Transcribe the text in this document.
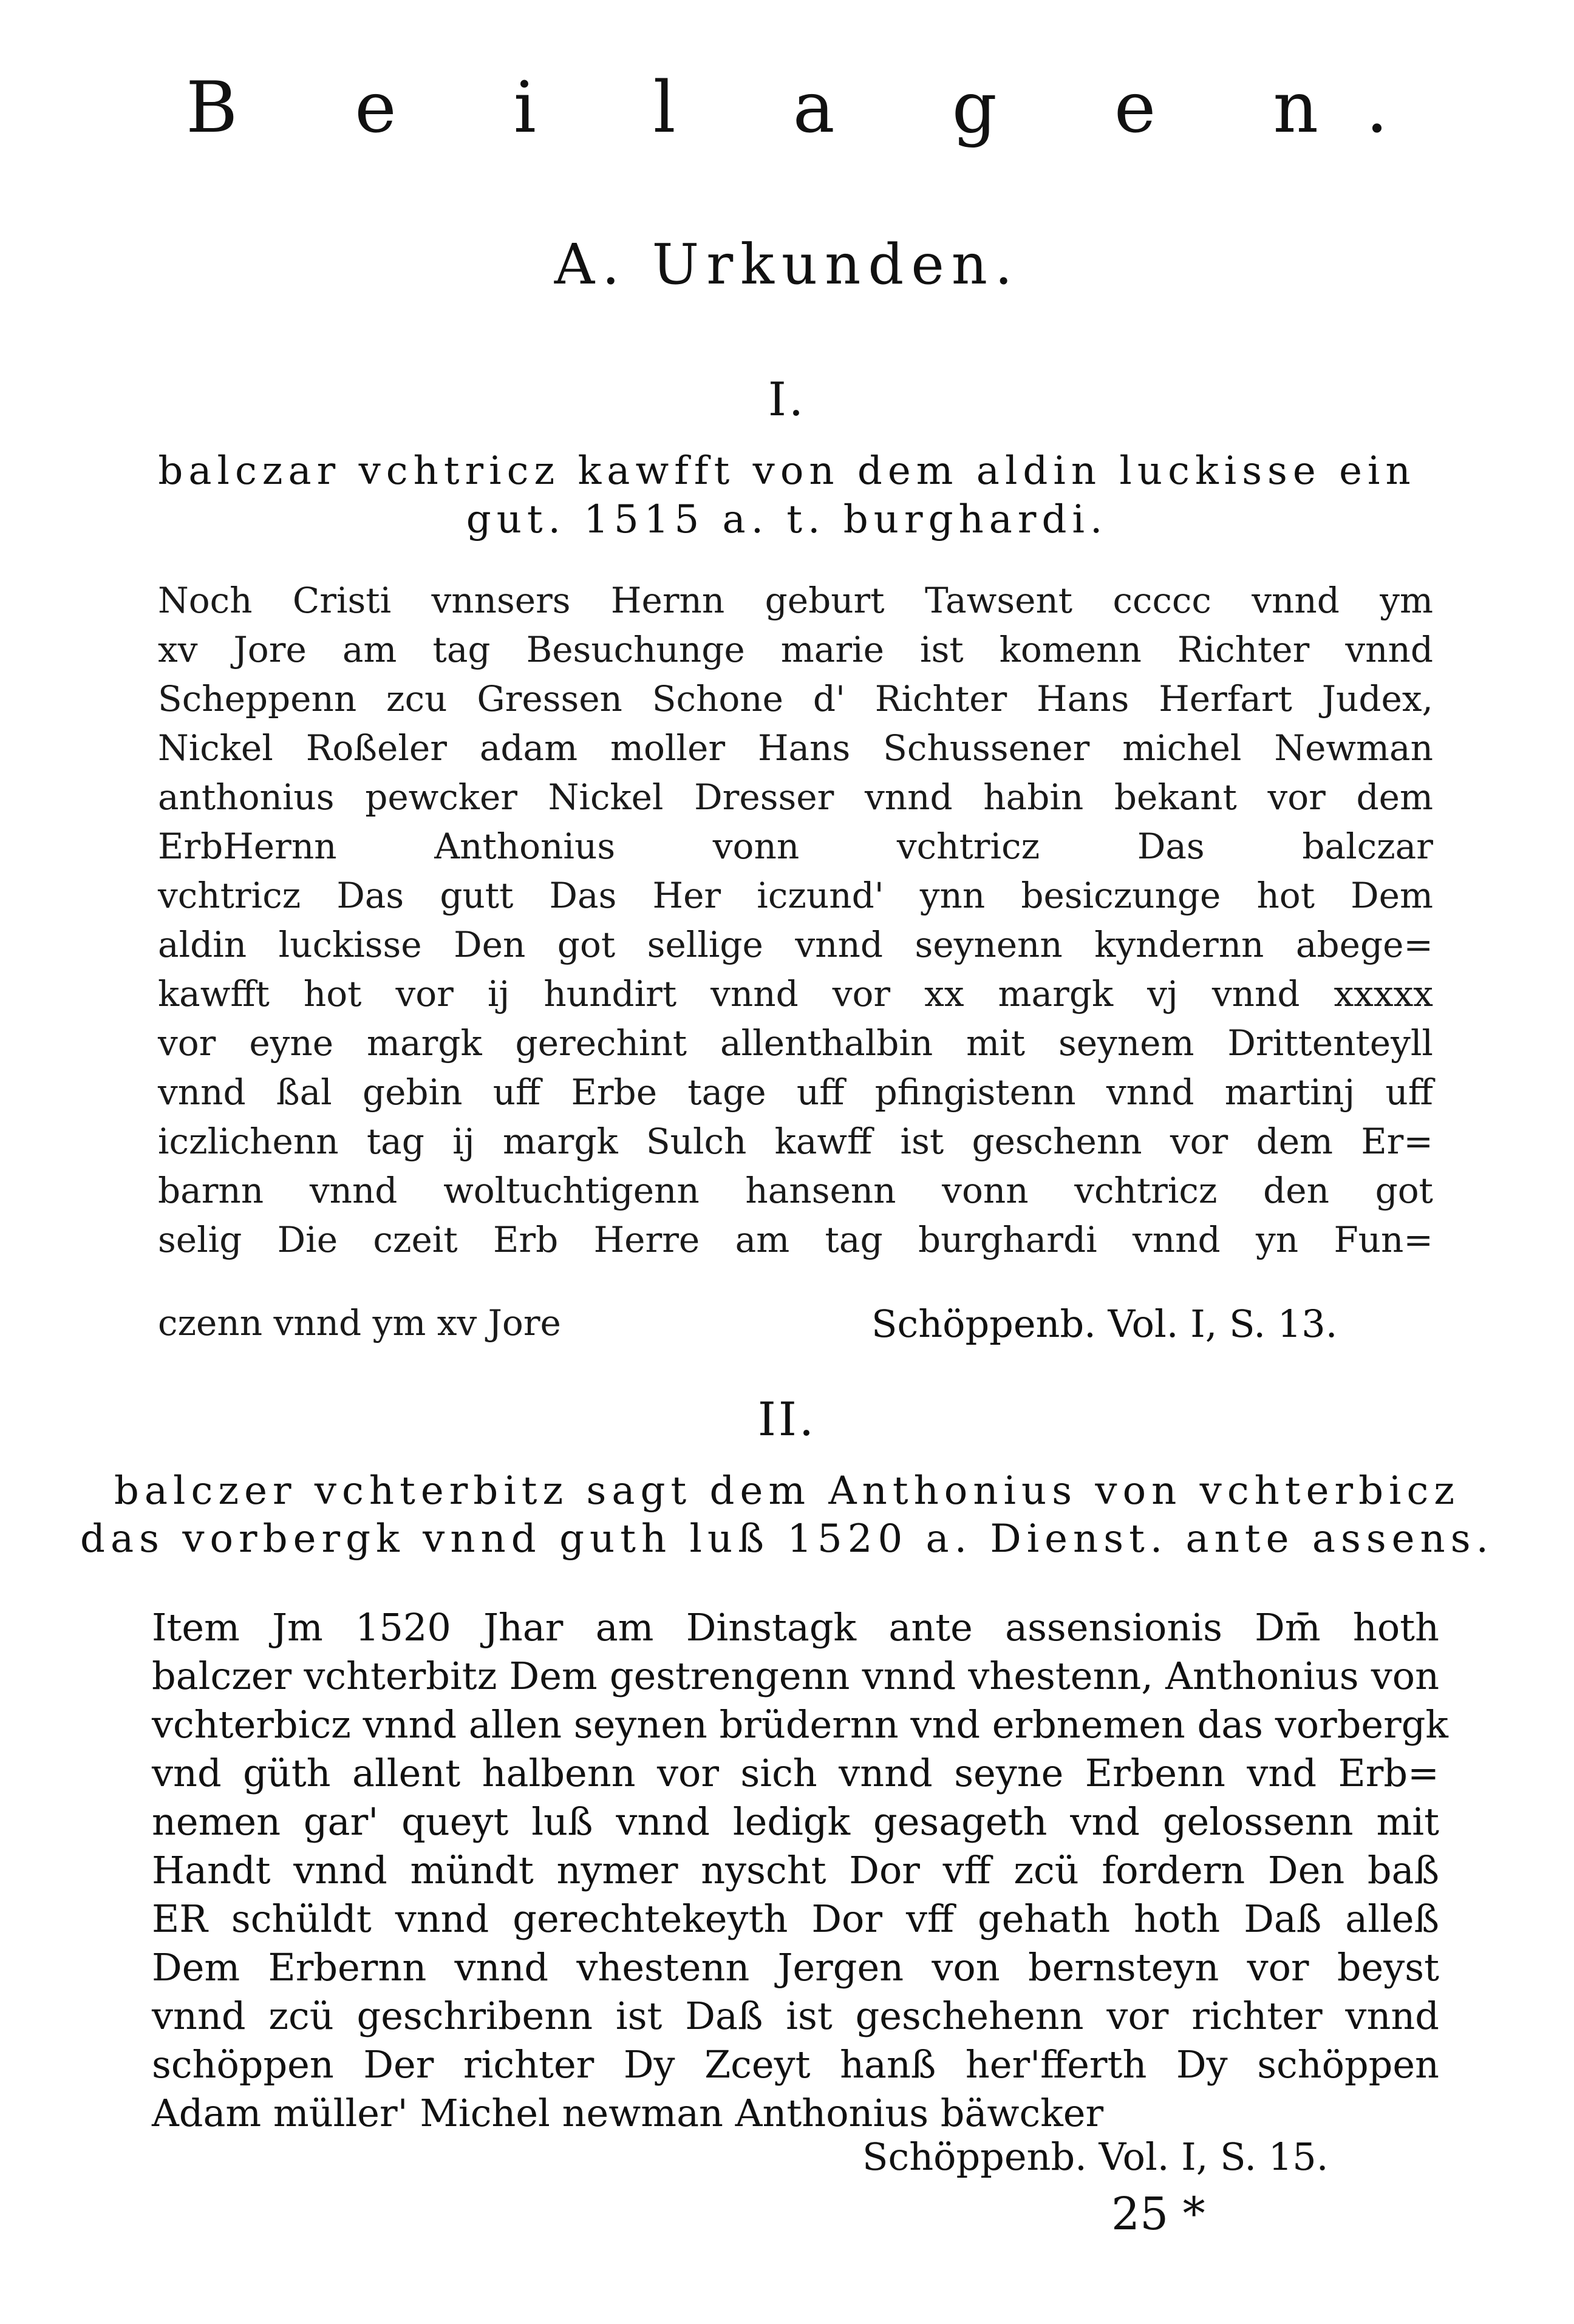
B e i l a g e n.
A. Urkunden.
I.
balczar vchtricz kawfft von dem aldin luckisse ein
gut. 1515 a. t. burghardi.
Noch Cristi vnnsers Hernn geburt Tawsent ccccc vnnd ym
xv Jore am tag Besuchunge marie ist komenn Richter vnnd
Scheppenn zcu Gressen Schone d' Richter Hans Herfart Judex,
Nickel Roßeler adam moller Hans Schussener michel Newman
anthonius pewcker Nickel Dresser vnnd habin bekant vor dem
ErbHernn Anthonius vonn vchtricz Das balczar
vchtricz Das gutt Das Her iczund' ynn besiczunge hot Dem
aldin luckisse Den got sellige vnnd seynenn kyndernn abege=
kawfft hot vor ij hundirt vnnd vor xx margk vj vnnd xxxxx
vor eyne margk gerechint allenthalbin mit seynem Drittenteyll
vnnd ßal gebin uff Erbe tage uff pfingistenn vnnd martinj uff
iczlichenn tag ij margk Sulch kawff ist geschenn vor dem Er=
barnn vnnd woltuchtigenn hansenn vonn vchtricz den got
selig Die czeit Erb Herre am tag burghardi vnnd yn Fun=
czenn vnnd ym xv Jore	Schöppenb. Vol. I, S. 13.
II.
balczer vchterbitz sagt dem Anthonius von vchterbicz
das vorbergk vnnd guth luß 1520 a. Dienst. ante assens.
Item Jm 1520 Jhar am Dinstagk ante assensionis Dm̄ hoth
balczer vchterbitz Dem gestrengenn vnnd vhestenn, Anthonius von
vchterbicz vnnd allen seynen brüdernn vnd erbnemen das vorbergk
vnd güth allent halbenn vor sich vnnd seyne Erbenn vnd Erb=
nemen gar' queyt luß vnnd ledigk gesageth vnd gelossenn mit
Handt vnnd mündt nymer nyscht Dor vff zcü fordern Den baß
ER schüldt vnnd gerechtekeyth Dor vff gehath hoth Daß alleß
Dem Erbernn vnnd vhestenn Jergen von bernsteyn vor beyst
vnnd zcü geschribenn ist Daß ist geschehenn vor richter vnnd
schöppen Der richter Dy Zceyt hanß her'fferth Dy schöppen
Adam müller' Michel newman Anthonius bäwcker
Schöppenb. Vol. I, S. 15.
25 *
